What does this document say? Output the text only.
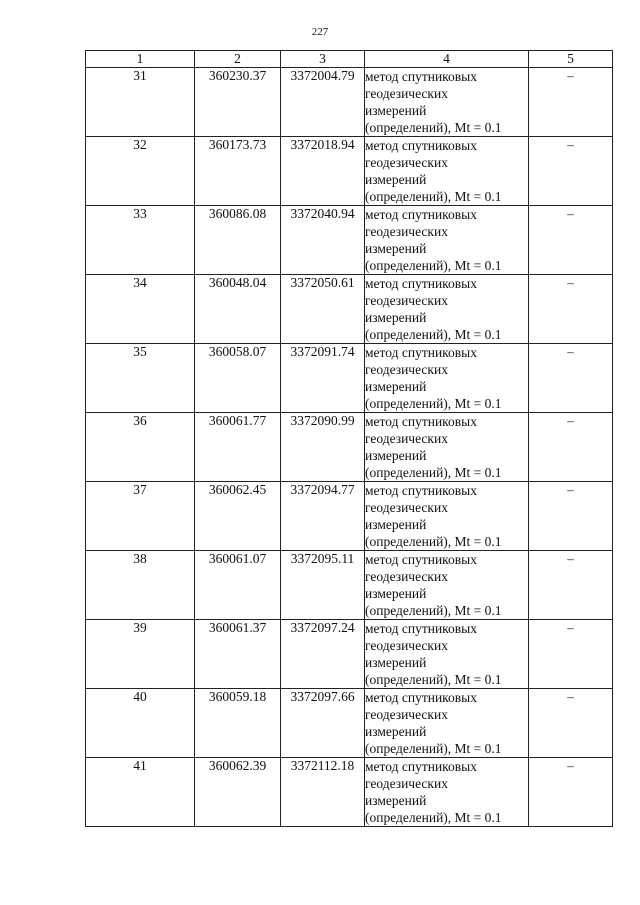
227
1	2	3	4	5
31	360230.37	3372004.79	метод спутниковых
геодезических
измерений
(определений), Mt = 0.1	–
32	360173.73	3372018.94	метод спутниковых
геодезических
измерений
(определений), Mt = 0.1	–
33	360086.08	3372040.94	метод спутниковых
геодезических
измерений
(определений), Mt = 0.1	–
34	360048.04	3372050.61	метод спутниковых
геодезических
измерений
(определений), Mt = 0.1	–
35	360058.07	3372091.74	метод спутниковых
геодезических
измерений
(определений), Mt = 0.1	–
36	360061.77	3372090.99	метод спутниковых
геодезических
измерений
(определений), Mt = 0.1	–
37	360062.45	3372094.77	метод спутниковых
геодезических
измерений
(определений), Mt = 0.1	–
38	360061.07	3372095.11	метод спутниковых
геодезических
измерений
(определений), Mt = 0.1	–
39	360061.37	3372097.24	метод спутниковых
геодезических
измерений
(определений), Mt = 0.1	–
40	360059.18	3372097.66	метод спутниковых
геодезических
измерений
(определений), Mt = 0.1	–
41	360062.39	3372112.18	метод спутниковых
геодезических
измерений
(определений), Mt = 0.1	–
